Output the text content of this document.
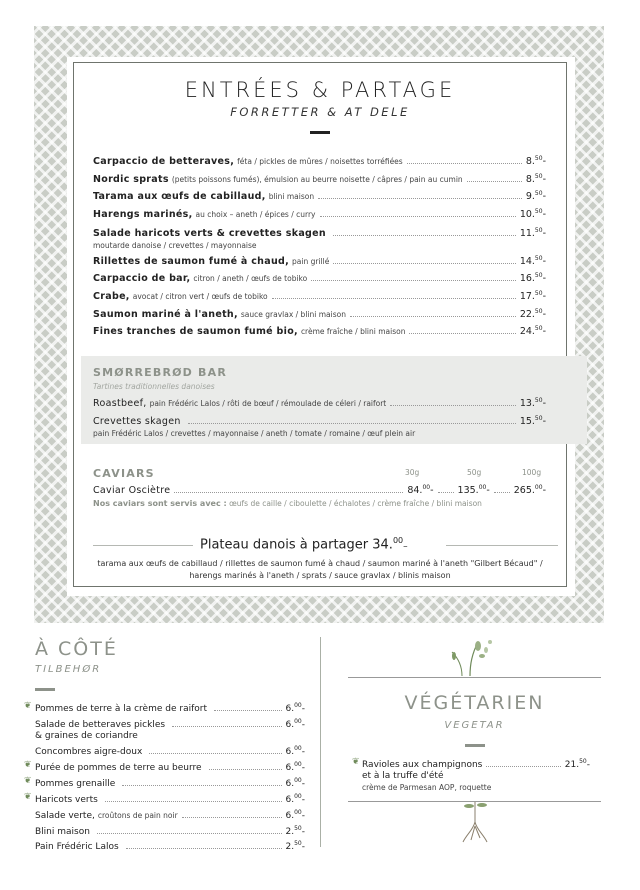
ENTRÉES & PARTAGE
FORRETTER & AT DELE
Carpaccio de betteraves, féta / pickles de mûres / noisettes torréfiées	8.50-
Nordic sprats (petits poissons fumés), émulsion au beurre noisette / câpres / pain au cumin	8.50-
Tarama aux œufs de cabillaud, blini maison	9.50-
Harengs marinés, au choix – aneth / épices / curry	10.50-
Salade haricots verts & crevettes skagen	11.50-
moutarde danoise / crevettes / mayonnaise
Rillettes de saumon fumé à chaud, pain grillé	14.50-
Carpaccio de bar, citron / aneth / œufs de tobiko	16.50-
Crabe, avocat / citron vert / œufs de tobiko	17.50-
Saumon mariné à l'aneth, sauce gravlax / blini maison	22.50-
Fines tranches de saumon fumé bio, crème fraîche / blini maison	24.50-
SMØRREBRØD BAR
Tartines traditionnelles danoises
Roastbeef, pain Frédéric Lalos / rôti de bœuf / rémoulade de céleri / raifort	13.50-
Crevettes skagen	15.50-
pain Frédéric Lalos / crevettes / mayonnaise / aneth / tomate / romaine / œuf plein air
CAVIARS	30g	50g	100g
Caviar Osciètre	84.00-	135.00-	265.00-
Nos caviars sont servis avec : œufs de caille / ciboulette / échalotes / crème fraîche / blini maison
Plateau danois à partager 34.00–
tarama aux œufs de cabillaud / rillettes de saumon fumé à chaud / saumon mariné à l'aneth "Gilbert Bécaud" /
harengs marinés à l'aneth / sprats / sauce gravlax / blinis maison
À CÔTÉ
TILBEHØR
❦ Pommes de terre à la crème de raifort	6.00-
Salade de betteraves pickles	6.00-
& graines de coriandre
Concombres aigre-doux	6.00-
❦ Purée de pommes de terre au beurre	6.00-
❦ Pommes grenaille	6.00-
❦ Haricots verts	6.00-
Salade verte, croûtons de pain noir	6.00-
Blini maison	2.50-
Pain Frédéric Lalos	2.50-
VÉGÉTARIEN
VEGETAR
❦ Ravioles aux champignons	21.50-
et à la truffe d'été
crème de Parmesan AOP, roquette
